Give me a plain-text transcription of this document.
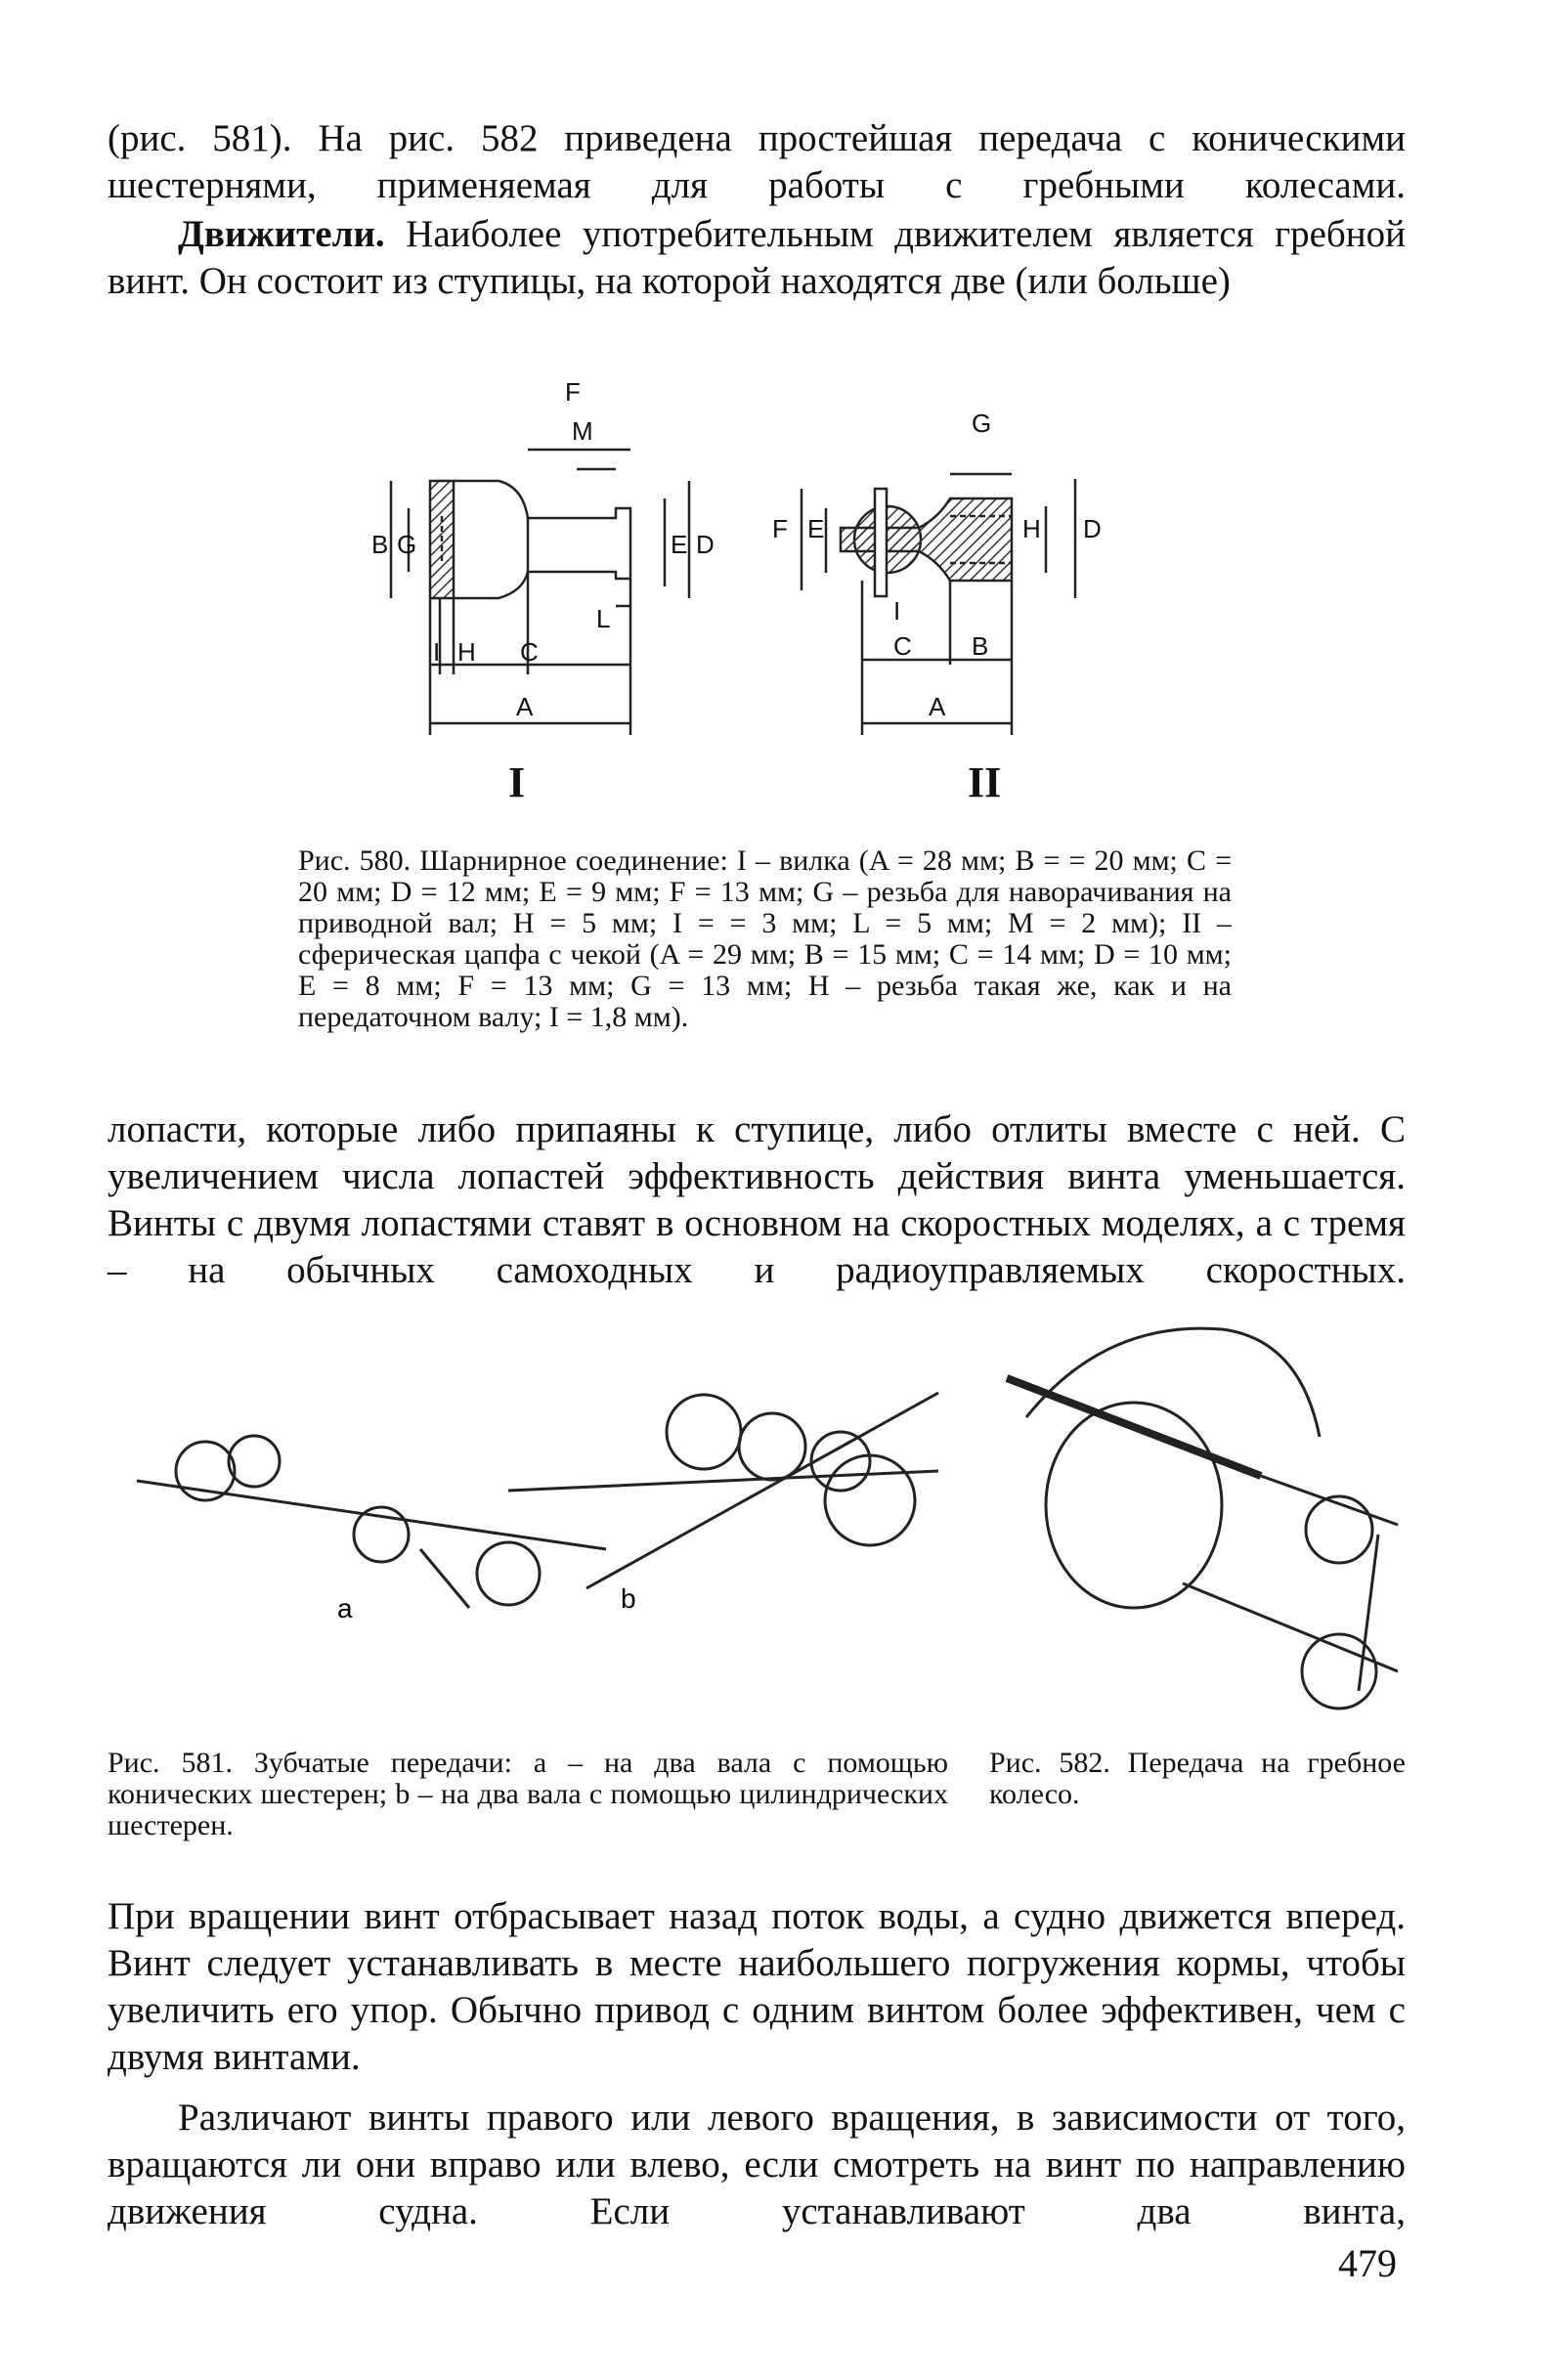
(рис. 581). На рис. 582 приведена простейшая передача с коническими шестернями, применяемая для работы с гребными колесами.
Движители. Наиболее употребительным движителем является гребной винт. Он состоит из ступицы, на которой находятся две (или больше)
F
M
B G	E D
L
I H C
A
G
F E	H D
I
C B
A
I	II
Рис. 580. Шарнирное соединение: I – вилка (A = 28 мм; B = = 20 мм; C = 20 мм; D = 12 мм; E = 9 мм; F = 13 мм; G – резьба для наворачивания на приводной вал; H = 5 мм; I = = 3 мм; L = 5 мм; M = 2 мм); II – сферическая цапфа с чекой (A = 29 мм; B = 15 мм; C = 14 мм; D = 10 мм; E = 8 мм; F = 13 мм; G = 13 мм; H – резьба такая же, как и на передаточном валу; I = 1,8 мм).
лопасти, которые либо припаяны к ступице, либо отлиты вместе с ней. С увеличением числа лопастей эффективность действия винта уменьшается. Винты с двумя лопастями ставят в основном на скоростных моделях, а с тремя – на обычных самоходных и радиоуправляемых скоростных.
a	b
Рис. 581. Зубчатые передачи: а – на два вала с помощью конических шестерен; b – на два вала с помощью цилиндрических шестерен.
Рис. 582. Передача на гребное колесо.
При вращении винт отбрасывает назад поток воды, а судно движется вперед. Винт следует устанавливать в месте наибольшего погружения кормы, чтобы увеличить его упор. Обычно привод с одним винтом более эффективен, чем с двумя винтами.
Различают винты правого или левого вращения, в зависимости от того, вращаются ли они вправо или влево, если смотреть на винт по направлению движения судна. Если устанавливают два винта,
479
